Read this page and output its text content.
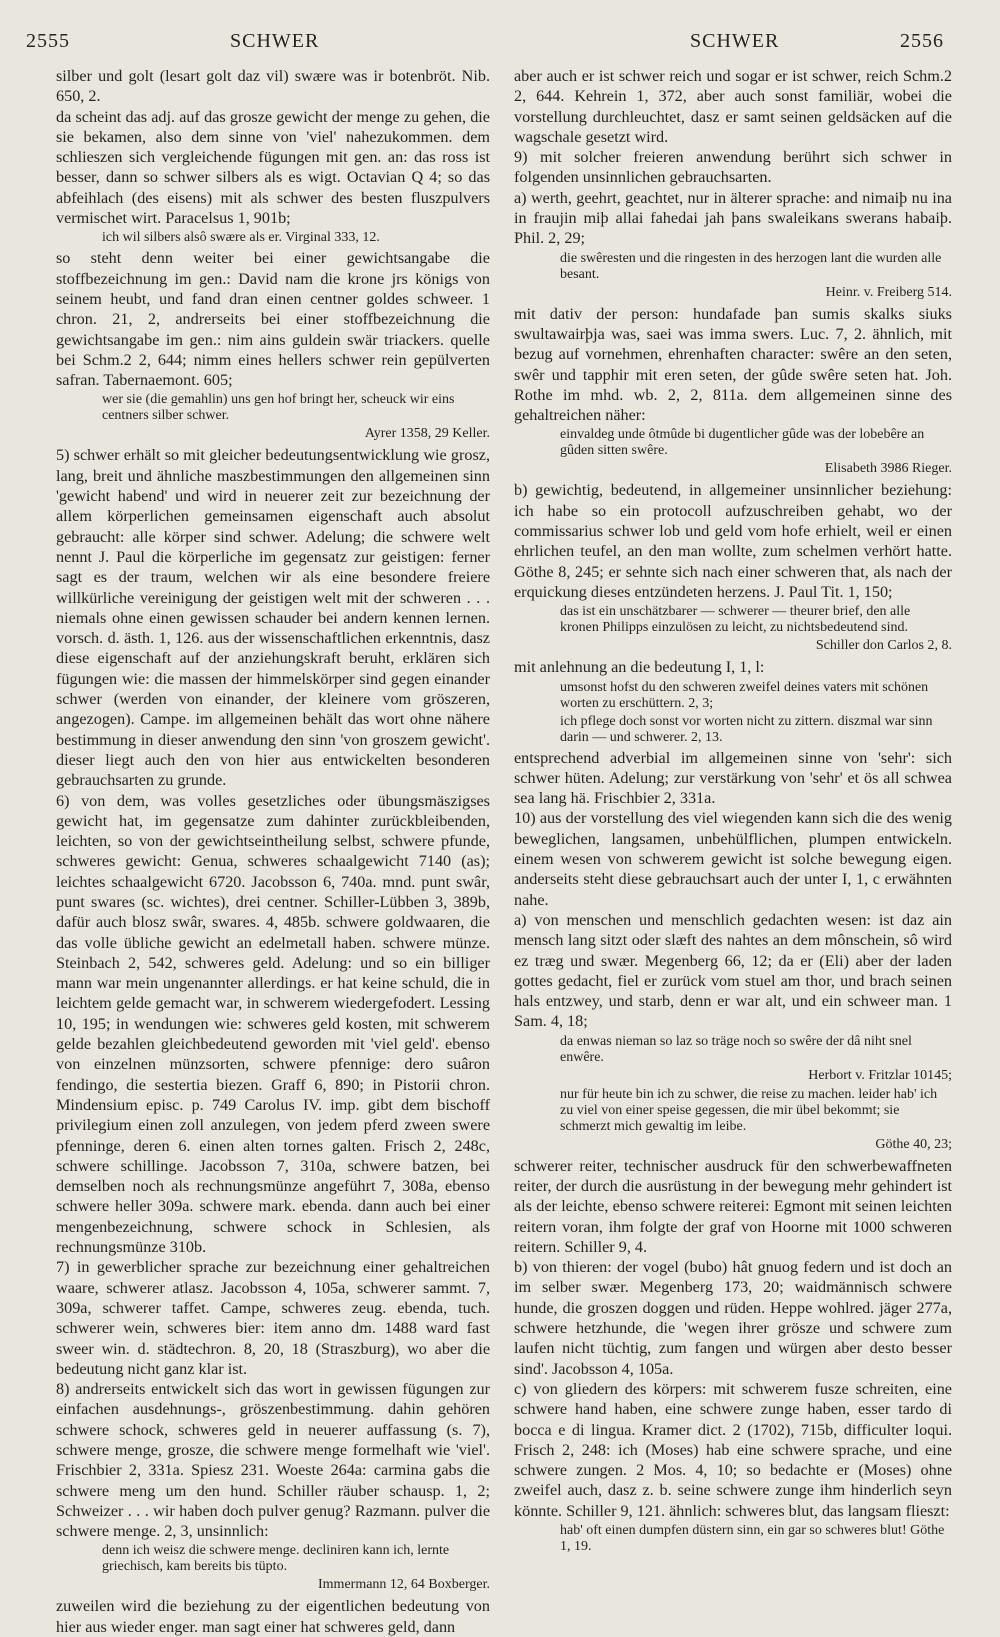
2555	SCHWER	SCHWER	2556

silber und golt (lesart golt daz vil) swære was ir botenbröt. Nib. 650, 2.

da scheint das adj. auf das grosze gewicht der menge zu gehen, die sie bekamen, also dem sinne von 'viel' nahezukommen. dem schlieszen sich vergleichende fügungen mit gen. an: das ross ist besser, dann so schwer silbers als es wigt. Octavian Q 4; so das abfeihlach (des eisens) mit als schwer des besten fluszpulvers vermischet wirt. Paracelsus 1, 901b;

ich wil silbers alsô swære als er. Virginal 333, 12.

so steht denn weiter bei einer gewichtsangabe die stoffbezeichnung im gen.: David nam die krone jrs königs von seinem heubt, und fand dran einen centner goldes schweer. 1 chron. 21, 2, andrerseits bei einer stoffbezeichnung die gewichtsangabe im gen.: nim ains guldein swär triackers. quelle bei Schm.2 2, 644; nimm eines hellers schwer rein gepülverten safran. Tabernaemont. 605;

wer sie (die gemahlin) uns gen hof bringt her, scheuck wir eins centners silber schwer.

Ayrer 1358, 29 Keller.

5) schwer erhält so mit gleicher bedeutungsentwicklung wie grosz, lang, breit und ähnliche maszbestimmungen den allgemeinen sinn 'gewicht habend' und wird in neuerer zeit zur bezeichnung der allem körperlichen gemeinsamen eigenschaft auch absolut gebraucht: alle körper sind schwer. Adelung; die schwere welt nennt J. Paul die körperliche im gegensatz zur geistigen: ferner sagt es der traum, welchen wir als eine besondere freiere willkürliche vereinigung der geistigen welt mit der schweren . . . niemals ohne einen gewissen schauder bei andern kennen lernen. vorsch. d. ästh. 1, 126. aus der wissenschaftlichen erkenntnis, dasz diese eigenschaft auf der anziehungskraft beruht, erklären sich fügungen wie: die massen der himmelskörper sind gegen einander schwer (werden von einander, der kleinere vom gröszeren, angezogen). Campe. im allgemeinen behält das wort ohne nähere bestimmung in dieser anwendung den sinn 'von groszem gewicht'. dieser liegt auch den von hier aus entwickelten besonderen gebrauchsarten zu grunde.

6) von dem, was volles gesetzliches oder übungsmäszigses gewicht hat, im gegensatze zum dahinter zurückbleibenden, leichten, so von der gewichtseintheilung selbst, schwere pfunde, schweres gewicht: Genua, schweres schaalgewicht 7140 (as); leichtes schaalgewicht 6720. Jacobsson 6, 740a. mnd. punt swâr, punt swares (sc. wichtes), drei centner. Schiller-Lübben 3, 389b, dafür auch blosz swâr, swares. 4, 485b. schwere goldwaaren, die das volle übliche gewicht an edelmetall haben. schwere münze. Steinbach 2, 542, schweres geld. Adelung: und so ein billiger mann war mein ungenannter allerdings. er hat keine schuld, die in leichtem gelde gemacht war, in schwerem wiedergefodert. Lessing 10, 195; in wendungen wie: schweres geld kosten, mit schwerem gelde bezahlen gleichbedeutend geworden mit 'viel geld'. ebenso von einzelnen münzsorten, schwere pfennige: dero suâron fendingo, die sestertia biezen. Graff 6, 890; in Pistorii chron. Mindensium episc. p. 749 Carolus IV. imp. gibt dem bischoff privilegium einen zoll anzulegen, von jedem pferd zween swere pfenninge, deren 6. einen alten tornes galten. Frisch 2, 248c, schwere schillinge. Jacobsson 7, 310a, schwere batzen, bei demselben noch als rechnungsmünze angeführt 7, 308a, ebenso schwere heller 309a. schwere mark. ebenda. dann auch bei einer mengenbezeichnung, schwere schock in Schlesien, als rechnungsmünze 310b.

7) in gewerblicher sprache zur bezeichnung einer gehaltreichen waare, schwerer atlasz. Jacobsson 4, 105a, schwerer sammt. 7, 309a, schwerer taffet. Campe, schweres zeug. ebenda, tuch. schwerer wein, schweres bier: item anno dm. 1488 ward fast sweer win. d. städtechron. 8, 20, 18 (Straszburg), wo aber die bedeutung nicht ganz klar ist.

8) andrerseits entwickelt sich das wort in gewissen fügungen zur einfachen ausdehnungs-, gröszenbestimmung. dahin gehören schwere schock, schweres geld in neuerer auffassung (s. 7), schwere menge, grosze, die schwere menge formelhaft wie 'viel'. Frischbier 2, 331a. Spiesz 231. Woeste 264a: carmina gabs die schwere meng um den hund. Schiller räuber schausp. 1, 2; Schweizer . . . wir haben doch pulver genug? Razmann. pulver die schwere menge. 2, 3, unsinnlich:

denn ich weisz die schwere menge. decliniren kann ich, lernte griechisch, kam bereits bis tüpto.

Immermann 12, 64 Boxberger.

zuweilen wird die beziehung zu der eigentlichen bedeutung von hier aus wieder enger. man sagt einer hat schweres geld, dann

aber auch er ist schwer reich und sogar er ist schwer, reich Schm.2 2, 644. Kehrein 1, 372, aber auch sonst familiär, wobei die vorstellung durchleuchtet, dasz er samt seinen geldsäcken auf die wagschale gesetzt wird.

9) mit solcher freieren anwendung berührt sich schwer in folgenden unsinnlichen gebrauchsarten.

a) werth, geehrt, geachtet, nur in älterer sprache: and nimaiþ nu ina in fraujin miþ allai fahedai jah þans swaleikans swerans habaiþ. Phil. 2, 29;

die swêresten und die ringesten in des herzogen lant die wurden alle besant.

Heinr. v. Freiberg 514.

mit dativ der person: hundafade þan sumis skalks siuks swultawairþja was, saei was imma swers. Luc. 7, 2. ähnlich, mit bezug auf vornehmen, ehrenhaften character: swêre an den seten, swêr und tapphir mit eren seten, der gûde swêre seten hat. Joh. Rothe im mhd. wb. 2, 2, 811a. dem allgemeinen sinne des gehaltreichen näher:

einvaldeg unde ôtmûde bi dugentlicher gûde was der lobebêre an gûden sitten swêre.

Elisabeth 3986 Rieger.

b) gewichtig, bedeutend, in allgemeiner unsinnlicher beziehung: ich habe so ein protocoll aufzuschreiben gehabt, wo der commissarius schwer lob und geld vom hofe erhielt, weil er einen ehrlichen teufel, an den man wollte, zum schelmen verhört hatte. Göthe 8, 245; er sehnte sich nach einer schweren that, als nach der erquickung dieses entzündeten herzens. J. Paul Tit. 1, 150;

das ist ein unschätzbarer — schwerer — theurer brief, den alle kronen Philipps einzulösen zu leicht, zu nichtsbedeutend sind.

Schiller don Carlos 2, 8.

mit anlehnung an die bedeutung I, 1, l:

umsonst hofst du den schweren zweifel deines vaters mit schönen worten zu erschüttern. 2, 3;

ich pflege doch sonst vor worten nicht zu zittern. diszmal war sinn darin — und schwerer. 2, 13.

entsprechend adverbial im allgemeinen sinne von 'sehr': sich schwer hüten. Adelung; zur verstärkung von 'sehr' et ös all schwea sea lang hä. Frischbier 2, 331a.

10) aus der vorstellung des viel wiegenden kann sich die des wenig beweglichen, langsamen, unbehülflichen, plumpen entwickeln. einem wesen von schwerem gewicht ist solche bewegung eigen. anderseits steht diese gebrauchsart auch der unter I, 1, c erwähnten nahe.

a) von menschen und menschlich gedachten wesen: ist daz ain mensch lang sitzt oder slæft des nahtes an dem mônschein, sô wird ez træg und swær. Megenberg 66, 12; da er (Eli) aber der laden gottes gedacht, fiel er zurück vom stuel am thor, und brach seinen hals entzwey, und starb, denn er war alt, und ein schweer man. 1 Sam. 4, 18;

da enwas nieman so laz so träge noch so swêre der dâ niht snel enwêre.

Herbort v. Fritzlar 10145;

nur für heute bin ich zu schwer, die reise zu machen. leider hab' ich zu viel von einer speise gegessen, die mir übel bekommt; sie schmerzt mich gewaltig im leibe.

Göthe 40, 23;

schwerer reiter, technischer ausdruck für den schwerbewaffneten reiter, der durch die ausrüstung in der bewegung mehr gehindert ist als der leichte, ebenso schwere reiterei: Egmont mit seinen leichten reitern voran, ihm folgte der graf von Hoorne mit 1000 schweren reitern. Schiller 9, 4.

b) von thieren: der vogel (bubo) hât gnuog federn und ist doch an im selber swær. Megenberg 173, 20; waidmännisch schwere hunde, die groszen doggen und rüden. Heppe wohlred. jäger 277a, schwere hetzhunde, die 'wegen ihrer grösze und schwere zum laufen nicht tüchtig, zum fangen und würgen aber desto besser sind'. Jacobsson 4, 105a.

c) von gliedern des körpers: mit schwerem fusze schreiten, eine schwere hand haben, eine schwere zunge haben, esser tardo di bocca e di lingua. Kramer dict. 2 (1702), 715b, difficulter loqui. Frisch 2, 248: ich (Moses) hab eine schwere sprache, und eine schwere zungen. 2 Mos. 4, 10; so bedachte er (Moses) ohne zweifel auch, dasz z. b. seine schwere zunge ihm hinderlich seyn könnte. Schiller 9, 121. ähnlich: schweres blut, das langsam flieszt:

hab' oft einen dumpfen düstern sinn, ein gar so schweres blut! Göthe 1, 19.
